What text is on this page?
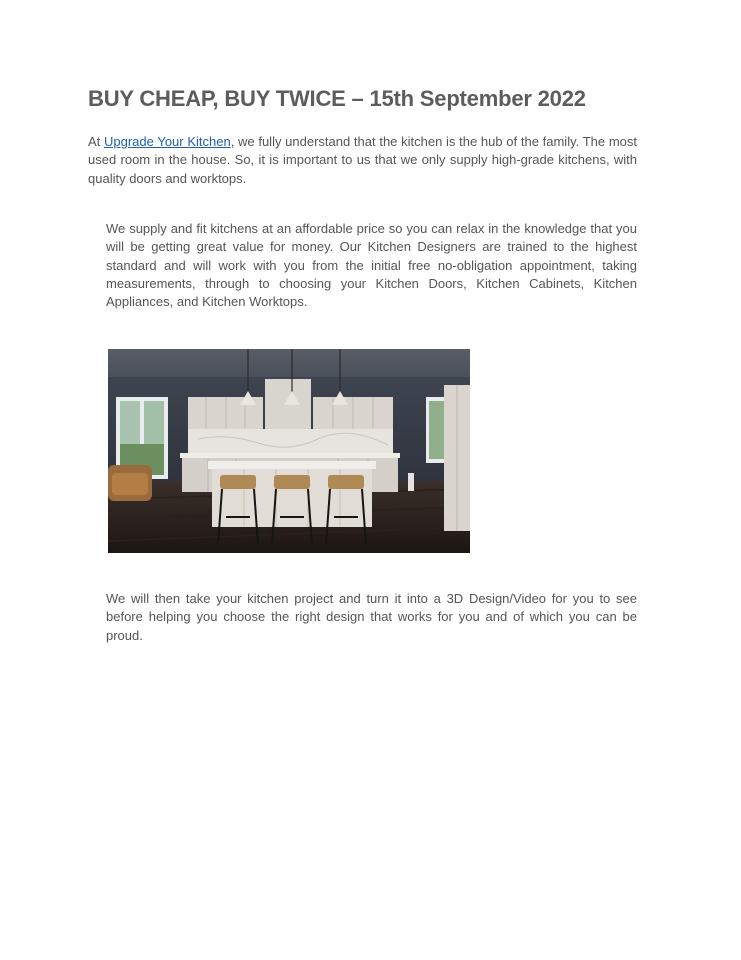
BUY CHEAP, BUY TWICE – 15th September 2022

At Upgrade Your Kitchen, we fully understand that the kitchen is the hub of the family. The most used room in the house. So, it is important to us that we only supply high-grade kitchens, with quality doors and worktops.

We supply and fit kitchens at an affordable price so you can relax in the knowledge that you will be getting great value for money. Our Kitchen Designers are trained to the highest standard and will work with you from the initial free no-obligation appointment, taking measurements, through to choosing your Kitchen Doors, Kitchen Cabinets, Kitchen Appliances, and Kitchen Worktops.

We will then take your kitchen project and turn it into a 3D Design/Video for you to see before helping you choose the right design that works for you and of which you can be proud.
